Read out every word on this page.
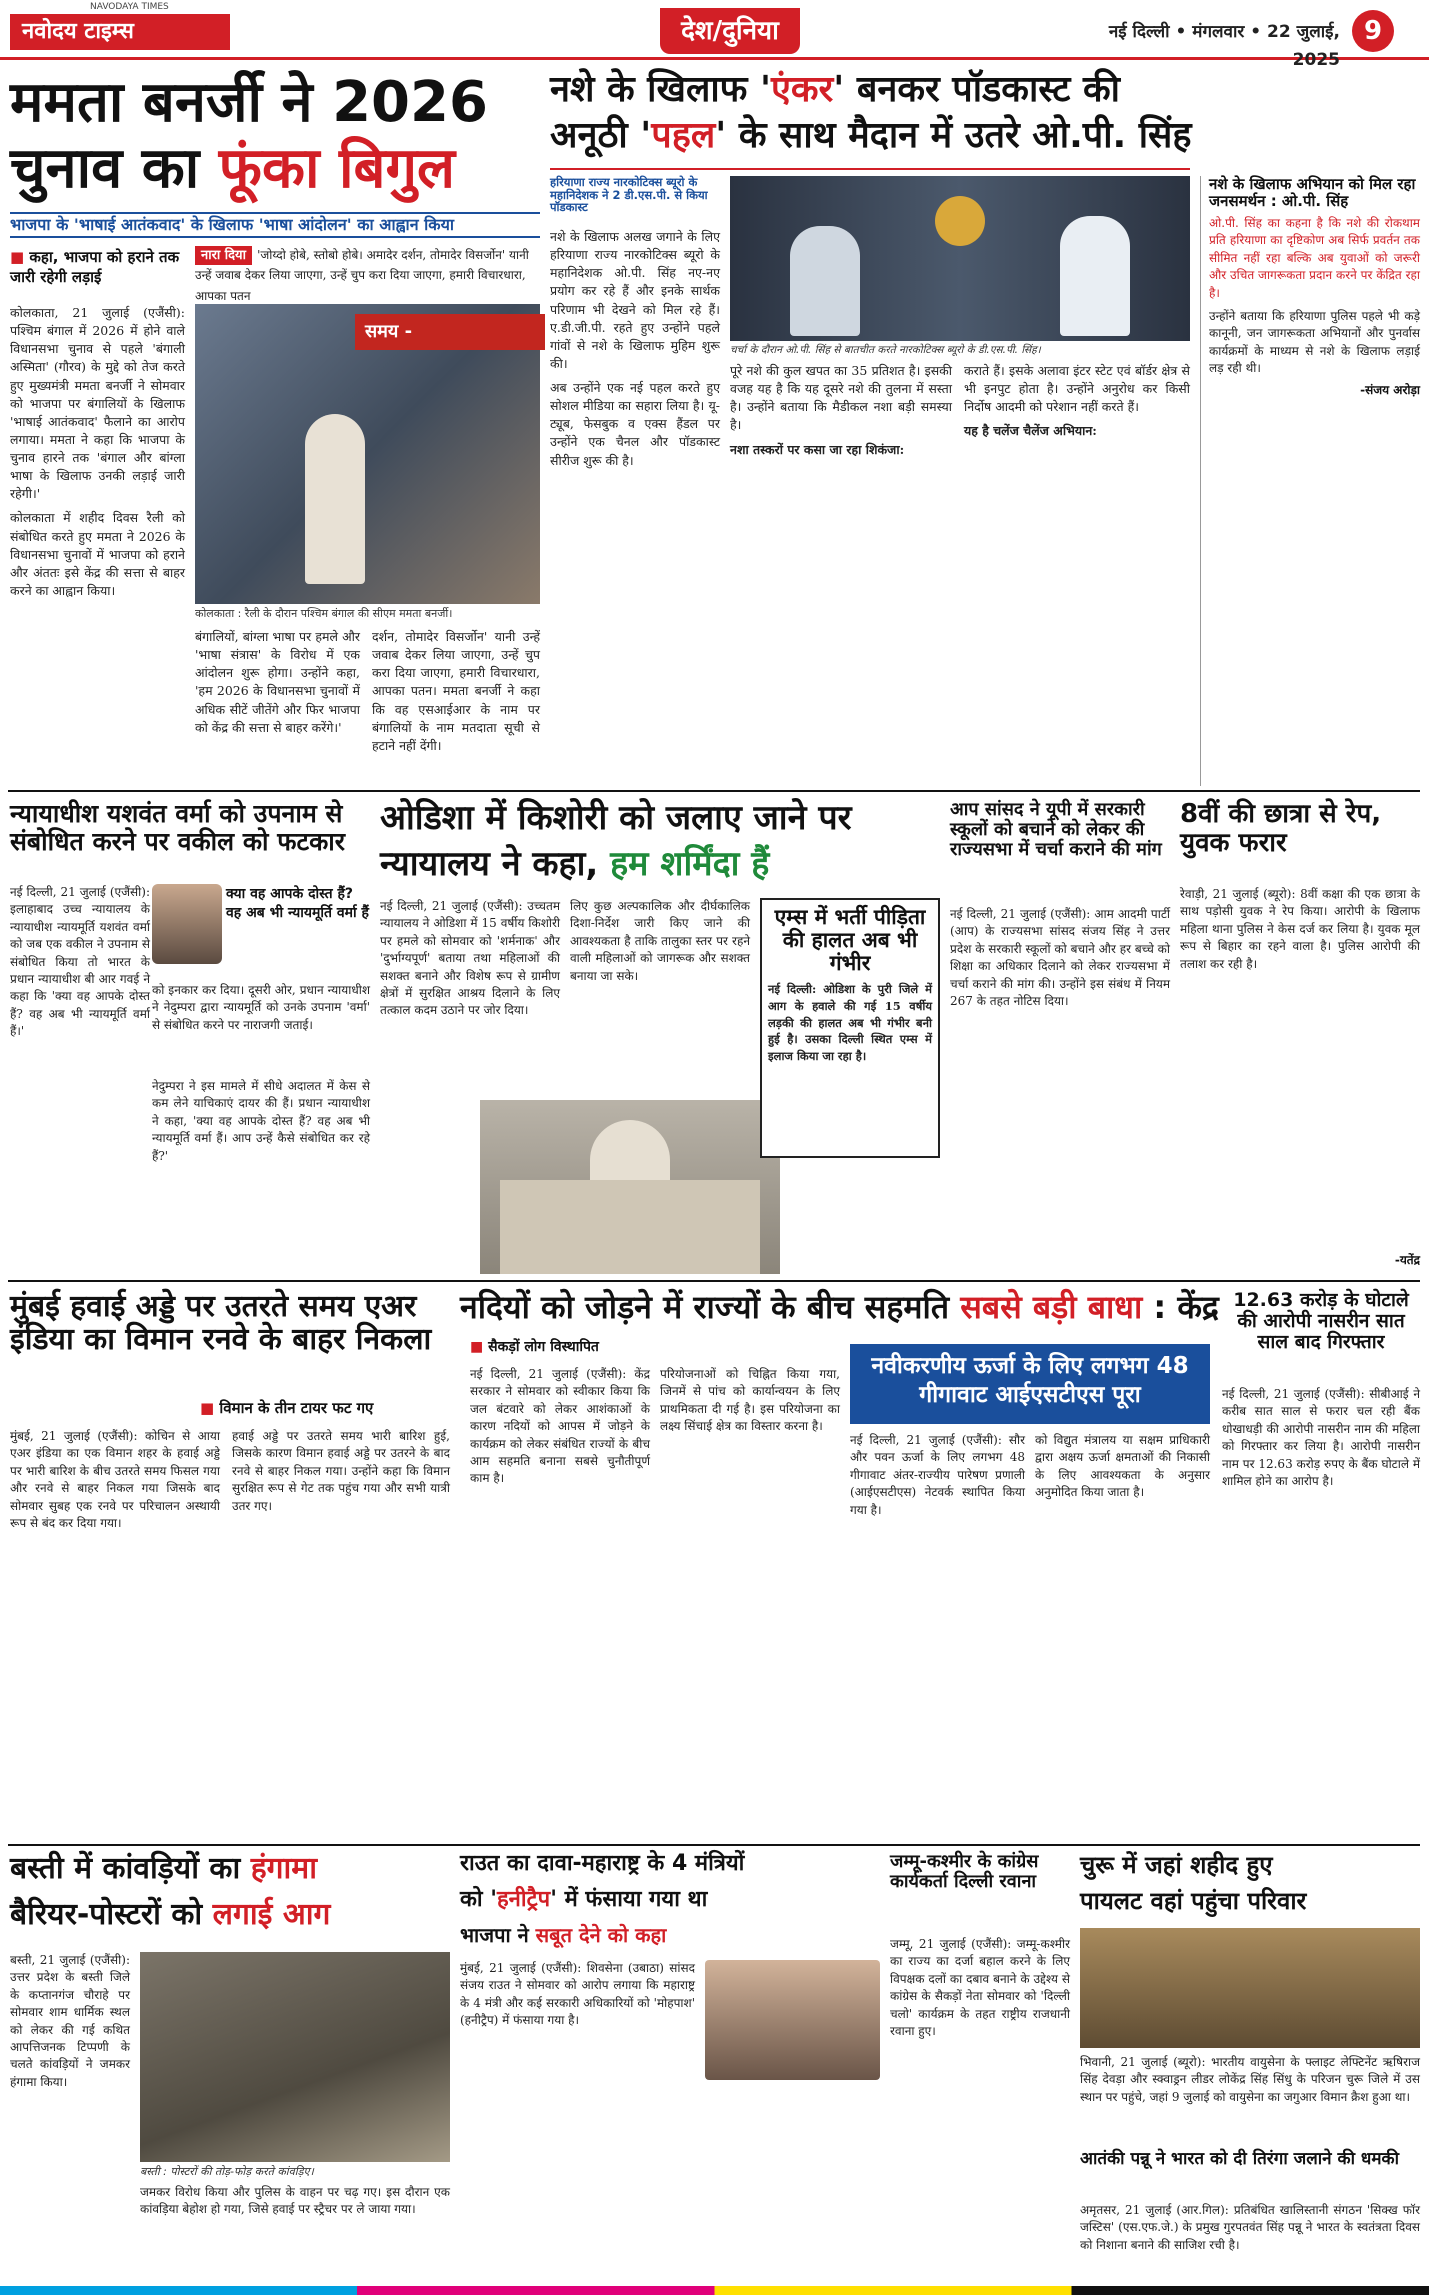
NAVODAYA TIMES
नवोदय टाइम्स	देश/दुनिया	नई दिल्ली • मंगलवार • 22 जुलाई, 2025
9
ममता बनर्जी ने 2026
चुनाव का फूंका बिगुल
भाजपा के 'भाषाई आतंकवाद' के खिलाफ 'भाषा आंदोलन' का आह्वान किया
■ कहा, भाजपा को हराने तक जारी रहेगी लड़ाई
नारा दिया 'जोय्दो होबे, स्तोबो होबे। अमादेर दर्शन, तोमादेर विसर्जोन' यानी उन्हें जवाब देकर लिया जाएगा, उन्हें चुप करा दिया जाएगा, हमारी विचारधारा, आपका पतन

कोलकाता, 21 जुलाई (एजैंसी): पश्चिम बंगाल में 2026 में होने वाले विधानसभा चुनाव से पहले 'बंगाली अस्मिता' (गौरव) के मुद्दे को तेज करते हुए मुख्यमंत्री ममता बनर्जी ने सोमवार को भाजपा पर बंगालियों के खिलाफ 'भाषाई आतंकवाद' फैलाने का आरोप लगाया। ममता ने कहा कि भाजपा के चुनाव हारने तक 'बंगाल और बांग्ला भाषा के खिलाफ उनकी लड़ाई जारी रहेगी।'

कोलकाता में शहीद दिवस रैली को संबोधित करते हुए ममता ने 2026 के विधानसभा चुनावों में भाजपा को हराने और अंततः इसे केंद्र की सत्ता से बाहर करने का आह्वान किया।

समय -
कोलकाता : रैली के दौरान पश्चिम बंगाल की सीएम ममता बनर्जी।
बंगालियों, बांग्ला भाषा पर हमले और 'भाषा संत्रास' के विरोध में एक आंदोलन शुरू होगा। उन्होंने कहा, 'हम 2026 के विधानसभा चुनावों में अधिक सीटें जीतेंगे और फिर भाजपा को केंद्र की सत्ता से बाहर करेंगे।'
दर्शन, तोमादेर विसर्जोन' यानी उन्हें जवाब देकर लिया जाएगा, उन्हें चुप करा दिया जाएगा, हमारी विचारधारा, आपका पतन। ममता बनर्जी ने कहा कि वह एसआईआर के नाम पर बंगालियों के नाम मतदाता सूची से हटाने नहीं देंगी।
नशे के खिलाफ 'एंकर' बनकर पॉडकास्ट की
अनूठी 'पहल' के साथ मैदान में उतरे ओ.पी. सिंह
हरियाणा राज्य नारकोटिक्स ब्यूरो के महानिदेशक ने 2 डी.एस.पी. से किया पॉडकास्ट

नशे के खिलाफ अलख जगाने के लिए हरियाणा राज्य नारकोटिक्स ब्यूरो के महानिदेशक ओ.पी. सिंह नए-नए प्रयोग कर रहे हैं और इनके सार्थक परिणाम भी देखने को मिल रहे हैं। ए.डी.जी.पी. रहते हुए उन्होंने पहले गांवों से नशे के खिलाफ मुहिम शुरू की।

अब उन्होंने एक नई पहल करते हुए सोशल मीडिया का सहारा लिया है। यू-ट्यूब, फेसबुक व एक्स हैंडल पर उन्होंने एक चैनल और पॉडकास्ट सीरीज शुरू की है।

चर्चा के दौरान ओ.पी. सिंह से बातचीत करते नारकोटिक्स ब्यूरो के डी.एस.पी. सिंह।

पूरे नशे की कुल खपत का 35 प्रतिशत है। इसकी वजह यह है कि यह दूसरे नशे की तुलना में सस्ता है। उन्होंने बताया कि मैडीकल नशा बड़ी समस्या है।

नशा तस्करों पर कसा जा रहा शिकंजा:

कराते हैं। इसके अलावा इंटर स्टेट एवं बॉर्डर क्षेत्र से भी इनपुट होता है। उन्होंने अनुरोध कर किसी निर्दोष आदमी को परेशान नहीं करते हैं।

यह है चलेंज चैलेंज अभियान:

नशे के खिलाफ अभियान को मिल रहा जनसमर्थन : ओ.पी. सिंह
ओ.पी. सिंह का कहना है कि नशे की रोकथाम प्रति हरियाणा का दृष्टिकोण अब सिर्फ प्रवर्तन तक सीमित नहीं रहा बल्कि अब युवाओं को जरूरी और उचित जागरूकता प्रदान करने पर केंद्रित रहा है।
उन्होंने बताया कि हरियाणा पुलिस पहले भी कड़े कानूनी, जन जागरूकता अभियानों और पुनर्वास कार्यक्रमों के माध्यम से नशे के खिलाफ लड़ाई लड़ रही थी।
-संजय अरोड़ा
न्यायाधीश यशवंत वर्मा को उपनाम से संबोधित करने पर वकील को फटकार
नई दिल्ली, 21 जुलाई (एजैंसी): इलाहाबाद उच्च न्यायालय के न्यायाधीश न्यायमूर्ति यशवंत वर्मा को जब एक वकील ने उपनाम से संबोधित किया तो भारत के प्रधान न्यायाधीश बी आर गवई ने कहा कि 'क्या वह आपके दोस्त हैं? वह अब भी न्यायमूर्ति वर्मा हैं।'
क्या वह आपके दोस्त हैं? वह अब भी न्यायमूर्ति वर्मा हैं
को इनकार कर दिया। दूसरी ओर, प्रधान न्यायाधीश ने नेदुम्परा द्वारा न्यायमूर्ति को उनके उपनाम 'वर्मा' से संबोधित करने पर नाराजगी जताई।
नेदुम्परा ने इस मामले में सीधे अदालत में केस से कम लेने याचिकाएं दायर की हैं। प्रधान न्यायाधीश ने कहा, 'क्या वह आपके दोस्त हैं? वह अब भी न्यायमूर्ति वर्मा हैं। आप उन्हें कैसे संबोधित कर रहे हैं?'
ओडिशा में किशोरी को जलाए जाने पर
न्यायालय ने कहा, हम शर्मिंदा हैं
नई दिल्ली, 21 जुलाई (एजैंसी): उच्चतम न्यायालय ने ओडिशा में 15 वर्षीय किशोरी पर हमले को सोमवार को 'शर्मनाक' और 'दुर्भाग्यपूर्ण' बताया तथा महिलाओं की सशक्त बनाने और विशेष रूप से ग्रामीण क्षेत्रों में सुरक्षित आश्रय दिलाने के लिए तत्काल कदम उठाने पर जोर दिया।
लिए कुछ अल्पकालिक और दीर्घकालिक दिशा-निर्देश जारी किए जाने की आवश्यकता है ताकि तालुका स्तर पर रहने वाली महिलाओं को जागरूक और सशक्त बनाया जा सके।
एम्स में भर्ती पीड़िता की हालत अब भी गंभीर
नई दिल्ली: ओडिशा के पुरी जिले में आग के हवाले की गई 15 वर्षीय लड़की की हालत अब भी गंभीर बनी हुई है। उसका दिल्ली स्थित एम्स में इलाज किया जा रहा है।
आप सांसद ने यूपी में सरकारी स्कूलों को बचाने को लेकर की राज्यसभा में चर्चा कराने की मांग
नई दिल्ली, 21 जुलाई (एजैंसी): आम आदमी पार्टी (आप) के राज्यसभा सांसद संजय सिंह ने उत्तर प्रदेश के सरकारी स्कूलों को बचाने और हर बच्चे को शिक्षा का अधिकार दिलाने को लेकर राज्यसभा में चर्चा कराने की मांग की। उन्होंने इस संबंध में नियम 267 के तहत नोटिस दिया।
8वीं की छात्रा से रेप, युवक फरार
रेवाड़ी, 21 जुलाई (ब्यूरो): 8वीं कक्षा की एक छात्रा के साथ पड़ोसी युवक ने रेप किया। आरोपी के खिलाफ महिला थाना पुलिस ने केस दर्ज कर लिया है। युवक मूल रूप से बिहार का रहने वाला है। पुलिस आरोपी की तलाश कर रही है।
-यतेंद्र
मुंबई हवाई अड्डे पर उतरते समय एअर इंडिया का विमान रनवे के बाहर निकला
■ विमान के तीन टायर फट गए
मुंबई, 21 जुलाई (एजैंसी): कोचिन से आया एअर इंडिया का एक विमान शहर के हवाई अड्डे पर भारी बारिश के बीच उतरते समय फिसल गया और रनवे से बाहर निकल गया जिसके बाद सोमवार सुबह एक रनवे पर परिचालन अस्थायी रूप से बंद कर दिया गया।
हवाई अड्डे पर उतरते समय भारी बारिश हुई, जिसके कारण विमान हवाई अड्डे पर उतरने के बाद रनवे से बाहर निकल गया। उन्होंने कहा कि विमान सुरक्षित रूप से गेट तक पहुंच गया और सभी यात्री उतर गए।
नदियों को जोड़ने में राज्यों के बीच सहमति सबसे बड़ी बाधा : केंद्र
■ सैकड़ों लोग विस्थापित
नई दिल्ली, 21 जुलाई (एजैंसी): केंद्र सरकार ने सोमवार को स्वीकार किया कि जल बंटवारे को लेकर आशंकाओं के कारण नदियों को आपस में जोड़ने के कार्यक्रम को लेकर संबंधित राज्यों के बीच आम सहमति बनाना सबसे चुनौतीपूर्ण काम है।
परियोजनाओं को चिह्नित किया गया, जिनमें से पांच को कार्यान्वयन के लिए प्राथमिकता दी गई है। इस परियोजना का लक्ष्य सिंचाई क्षेत्र का विस्तार करना है।
नवीकरणीय ऊर्जा के लिए लगभग 48 गीगावाट आईएसटीएस पूरा
नई दिल्ली, 21 जुलाई (एजैंसी): सौर और पवन ऊर्जा के लिए लगभग 48 गीगावाट अंतर-राज्यीय पारेषण प्रणाली (आईएसटीएस) नेटवर्क स्थापित किया गया है।
को विद्युत मंत्रालय या सक्षम प्राधिकारी द्वारा अक्षय ऊर्जा क्षमताओं की निकासी के लिए आवश्यकता के अनुसार अनुमोदित किया जाता है।
12.63 करोड़ के घोटाले की आरोपी नासरीन सात साल बाद गिरफ्तार
नई दिल्ली, 21 जुलाई (एजैंसी): सीबीआई ने करीब सात साल से फरार चल रही बैंक धोखाधड़ी की आरोपी नासरीन नाम की महिला को गिरफ्तार कर लिया है। आरोपी नासरीन नाम पर 12.63 करोड़ रुपए के बैंक घोटाले में शामिल होने का आरोप है।
बस्ती में कांवड़ियों का हंगामा
बैरियर-पोस्टरों को लगाई आग
बस्ती, 21 जुलाई (एजैंसी): उत्तर प्रदेश के बस्ती जिले के कप्तानगंज चौराहे पर सोमवार शाम धार्मिक स्थल को लेकर की गई कथित आपत्तिजनक टिप्पणी के चलते कांवड़ियों ने जमकर हंगामा किया।
बस्ती : पोस्टरों की तोड़-फोड़ करते कांवड़िए।
जमकर विरोध किया और पुलिस के वाहन पर चढ़ गए। इस दौरान एक कांवड़िया बेहोश हो गया, जिसे हवाई पर स्ट्रैचर पर ले जाया गया।
राउत का दावा-महाराष्ट्र के 4 मंत्रियों
को 'हनीट्रैप' में फंसाया गया था
भाजपा ने सबूत देने को कहा
मुंबई, 21 जुलाई (एजैंसी): शिवसेना (उबाठा) सांसद संजय राउत ने सोमवार को आरोप लगाया कि महाराष्ट्र के 4 मंत्री और कई सरकारी अधिकारियों को 'मोहपाश' (हनीट्रैप) में फंसाया गया है।
जम्मू-कश्मीर के कांग्रेस कार्यकर्ता दिल्ली रवाना
जम्मू, 21 जुलाई (एजैंसी): जम्मू-कश्मीर का राज्य का दर्जा बहाल करने के लिए विपक्षक दलों का दबाव बनाने के उद्देश्य से कांग्रेस के सैकड़ों नेता सोमवार को 'दिल्ली चलो' कार्यक्रम के तहत राष्ट्रीय राजधानी रवाना हुए।
चुरू में जहां शहीद हुए
पायलट वहां पहुंचा परिवार
भिवानी, 21 जुलाई (ब्यूरो): भारतीय वायुसेना के फ्लाइट लेफ्टिनेंट ऋषिराज सिंह देवड़ा और स्क्वाड्रन लीडर लोकेंद्र सिंह सिंधु के परिजन चुरू जिले में उस स्थान पर पहुंचे, जहां 9 जुलाई को वायुसेना का जगुआर विमान क्रैश हुआ था।
आतंकी पन्नू ने भारत को दी तिरंगा जलाने की धमकी
अमृतसर, 21 जुलाई (आर.गिल): प्रतिबंधित खालिस्तानी संगठन 'सिक्ख फॉर जस्टिस' (एस.एफ.जे.) के प्रमुख गुरपतवंत सिंह पन्नू ने भारत के स्वतंत्रता दिवस को निशाना बनाने की साजिश रची है।
